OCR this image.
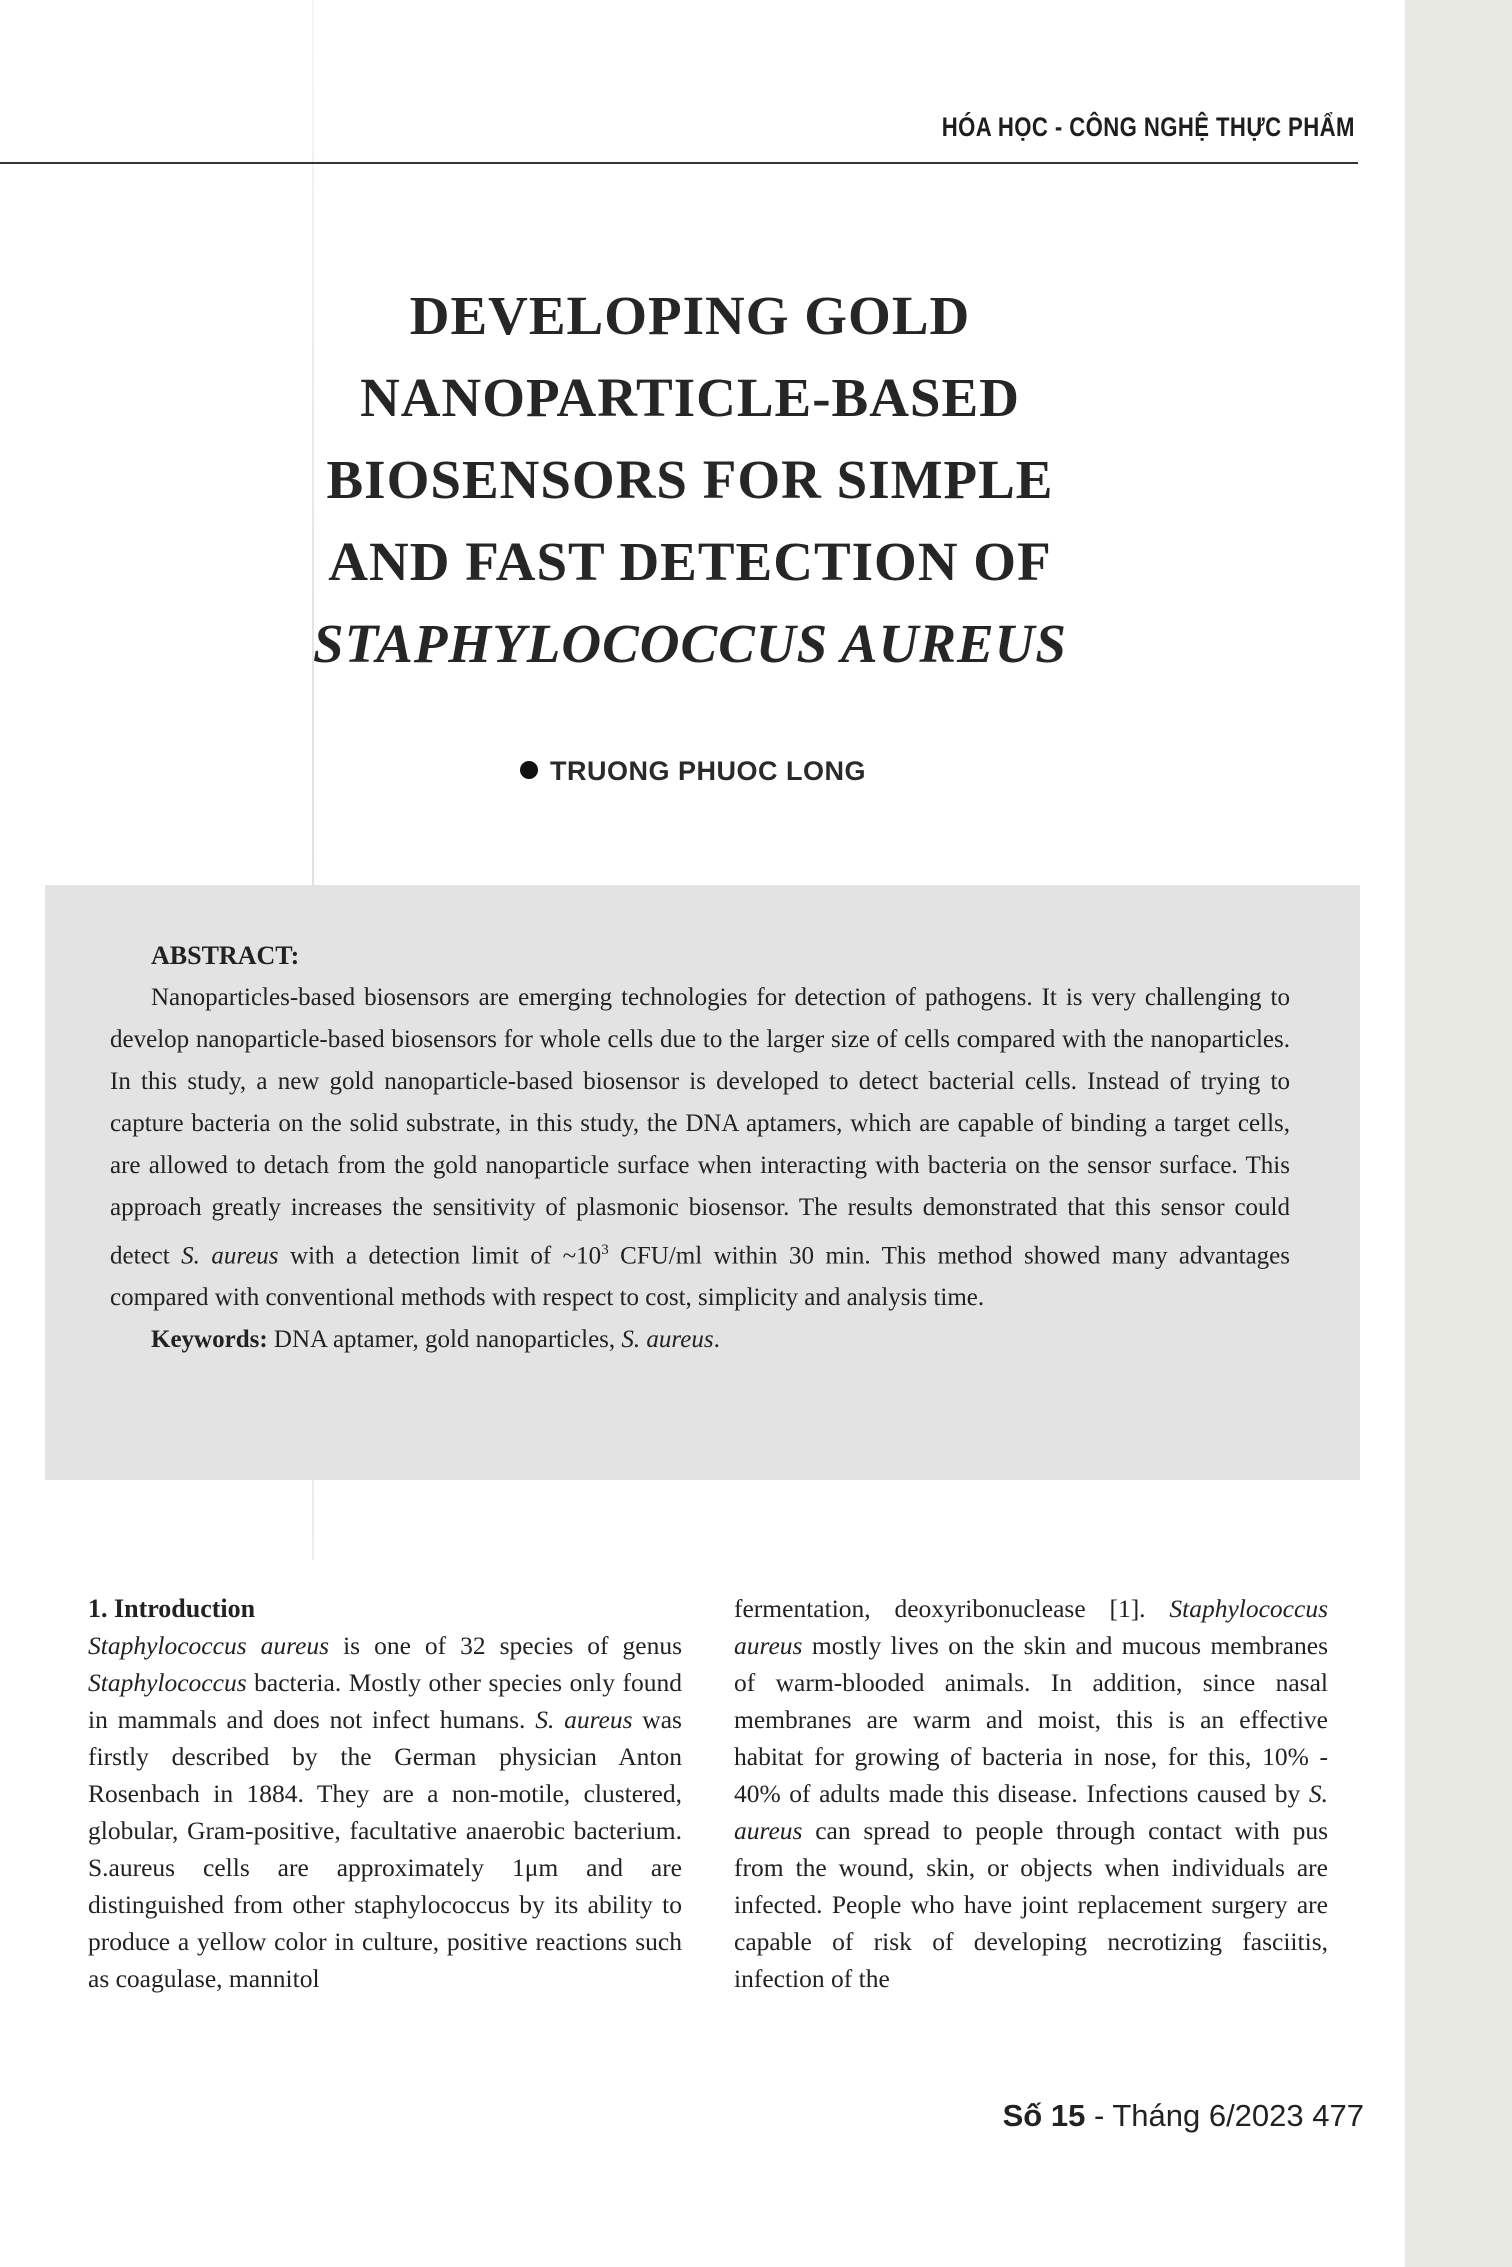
HÓA HỌC - CÔNG NGHỆ THỰC PHẨM
DEVELOPING GOLD
NANOPARTICLE-BASED
BIOSENSORS FOR SIMPLE
AND FAST DETECTION OF
STAPHYLOCOCCUS AUREUS
TRUONG PHUOC LONG
ABSTRACT:

Nanoparticles-based biosensors are emerging technologies for detection of pathogens. It is very challenging to develop nanoparticle-based biosensors for whole cells due to the larger size of cells compared with the nanoparticles. In this study, a new gold nanoparticle-based biosensor is developed to detect bacterial cells. Instead of trying to capture bacteria on the solid substrate, in this study, the DNA aptamers, which are capable of binding a target cells, are allowed to detach from the gold nanoparticle surface when interacting with bacteria on the sensor surface. This approach greatly increases the sensitivity of plasmonic biosensor. The results demonstrated that this sensor could detect S. aureus with a detection limit of $\sim 10^3$ CFU/ml within 30 min. This method showed many advantages compared with conventional methods with respect to cost, simplicity and analysis time.

Keywords: DNA aptamer, gold nanoparticles, S. aureus.

1. Introduction

Staphylococcus aureus is one of 32 species of genus Staphylococcus bacteria. Mostly other species only found in mammals and does not infect humans. S. aureus was firstly described by the German physician Anton Rosenbach in 1884. They are a non-motile, clustered, globular, Gram-positive, facultative anaerobic bacterium. S.aureus cells are approximately 1μm and are distinguished from other staphylococcus by its ability to produce a yellow color in culture, positive reactions such as coagulase, mannitol

fermentation, deoxyribonuclease [1]. Staphylococcus aureus mostly lives on the skin and mucous membranes of warm-blooded animals. In addition, since nasal membranes are warm and moist, this is an effective habitat for growing of bacteria in nose, for this, 10% - 40% of adults made this disease. Infections caused by S. aureus can spread to people through contact with pus from the wound, skin, or objects when individuals are infected. People who have joint replacement surgery are capable of risk of developing necrotizing fasciitis, infection of the

Số 15 - Tháng 6/2023 477
